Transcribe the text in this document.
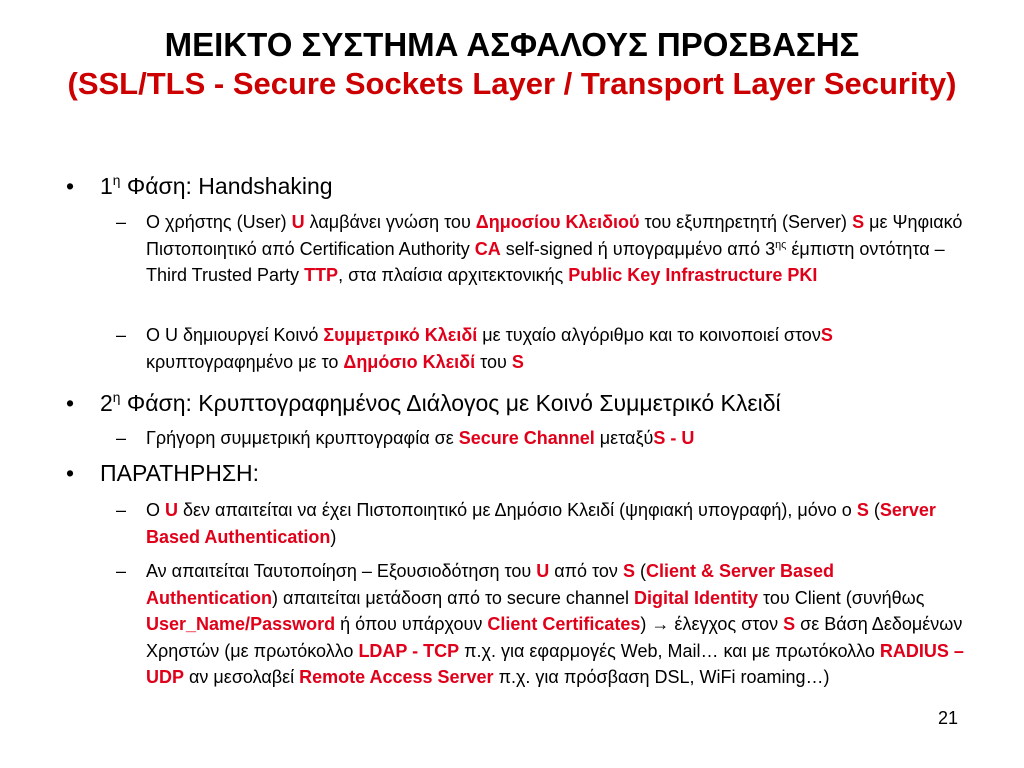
ΜΕΙΚΤΟ ΣΥΣΤΗΜΑ ΑΣΦΑΛΟΥΣ ΠΡΟΣΒΑΣΗΣ
(SSL/TLS - Secure Sockets Layer / Transport Layer Security)
• $1^\eta$ Φάση: Handshaking
– Ο χρήστης (User) U λαμβάνει γνώση του Δημοσίου Κλειδιού του εξυπηρετητή (Server) S με Ψηφιακό Πιστοποιητικό από Certification Authority CA self-signed ή υπογραμμένο από $3^{\eta\varsigma}$ έμπιστη οντότητα – Third Trusted Party TTP, στα πλαίσια αρχιτεκτονικής Public Key Infrastructure PKI
– Ο U δημιουργεί Κοινό Συμμετρικό Κλειδί με τυχαίο αλγόριθμο και το κοινοποιεί στονS κρυπτογραφημένο με το Δημόσιο Κλειδί του S
• $2^\eta$ Φάση: Κρυπτογραφημένος Διάλογος με Κοινό Συμμετρικό Κλειδί
– Γρήγορη συμμετρική κρυπτογραφία σε Secure Channel μεταξύS - U
• ΠΑΡΑΤΗΡΗΣΗ:
– Ο U δεν απαιτείται να έχει Πιστοποιητικό με Δημόσιο Κλειδί (ψηφιακή υπογραφή), μόνο ο S (Server Based Authentication)
– Αν απαιτείται Ταυτοποίηση – Εξουσιοδότηση του U από τον S (Client & Server Based Authentication) απαιτείται μετάδοση από το secure channel Digital Identity του Client (συνήθως User_Name/Password ή όπου υπάρχουν Client Certificates) → έλεγχος στον S σε Βάση Δεδομένων Χρηστών (με πρωτόκολλο LDAP - TCP π.χ. για εφαρμογές Web, Mail… και με πρωτόκολλο RADIUS – UDP αν μεσολαβεί Remote Access Server π.χ. για πρόσβαση DSL, WiFi roaming…)
21
